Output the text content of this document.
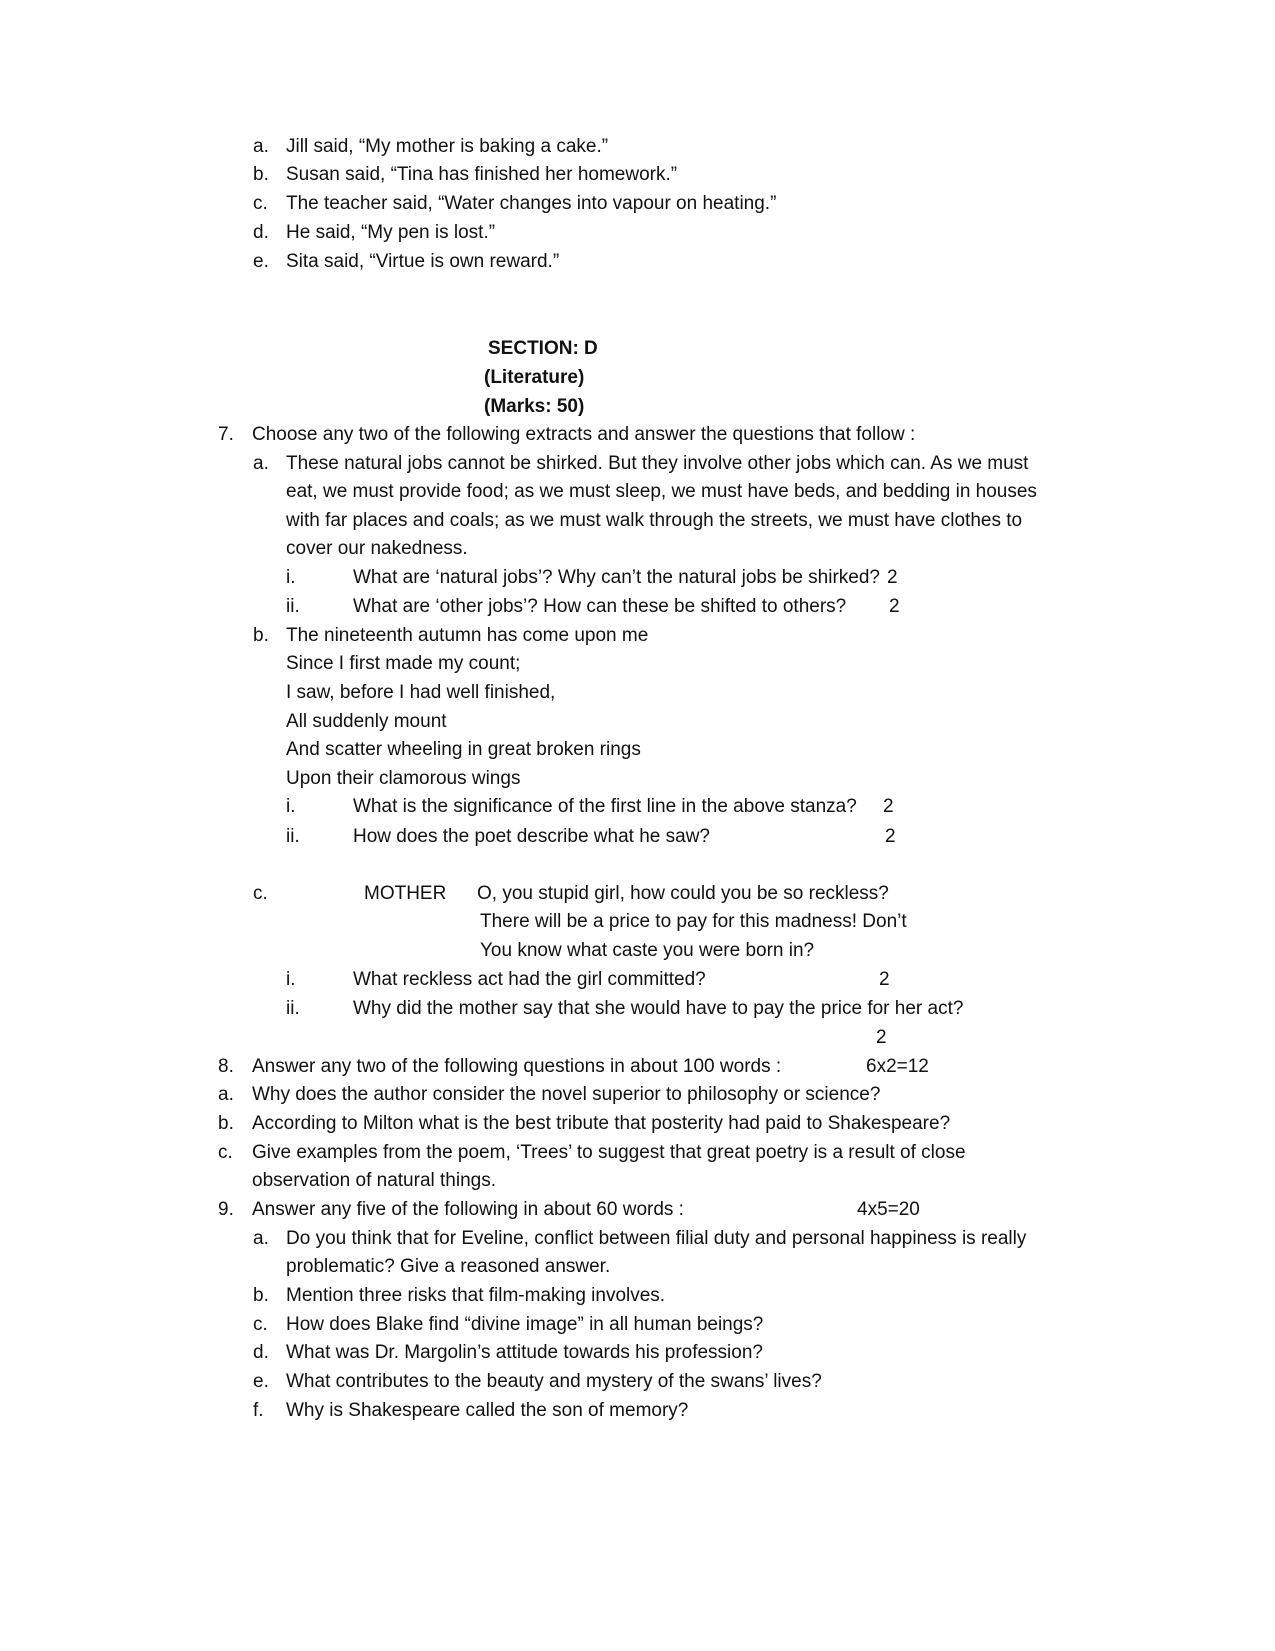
a. Jill said, “My mother is baking a cake.”
b. Susan said, “Tina has finished her homework.”
c. The teacher said, “Water changes into vapour on heating.”
d. He said, “My pen is lost.”
e. Sita said, “Virtue is own reward.”
SECTION: D
(Literature)
(Marks: 50)
7. Choose any two of the following extracts and answer the questions that follow :
a. These natural jobs cannot be shirked. But they involve other jobs which can. As we must
eat, we must provide food; as we must sleep, we must have beds, and bedding in houses
with far places and coals; as we must walk through the streets, we must have clothes to
cover our nakedness.
i.	What are ‘natural jobs’? Why can’t the natural jobs be shirked? 2
ii.	What are ‘other jobs’? How can these be shifted to others? 2
b. The nineteenth autumn has come upon me
Since I first made my count;
I saw, before I had well finished,
All suddenly mount
And scatter wheeling in great broken rings
Upon their clamorous wings
i.	What is the significance of the first line in the above stanza? 2
ii.	How does the poet describe what he saw?	2
c.	MOTHER O, you stupid girl, how could you be so reckless?
There will be a price to pay for this madness! Don’t
You know what caste you were born in?
i.	What reckless act had the girl committed?	2
ii.	Why did the mother say that she would have to pay the price for her act?
2
8. Answer any two of the following questions in about 100 words :	6x2=12
a. Why does the author consider the novel superior to philosophy or science?
b. According to Milton what is the best tribute that posterity had paid to Shakespeare?
c. Give examples from the poem, ‘Trees’ to suggest that great poetry is a result of close
observation of natural things.
9. Answer any five of the following in about 60 words :	4x5=20
a. Do you think that for Eveline, conflict between filial duty and personal happiness is really
problematic? Give a reasoned answer.
b. Mention three risks that film-making involves.
c. How does Blake find “divine image” in all human beings?
d. What was Dr. Margolin’s attitude towards his profession?
e. What contributes to the beauty and mystery of the swans’ lives?
f. Why is Shakespeare called the son of memory?
